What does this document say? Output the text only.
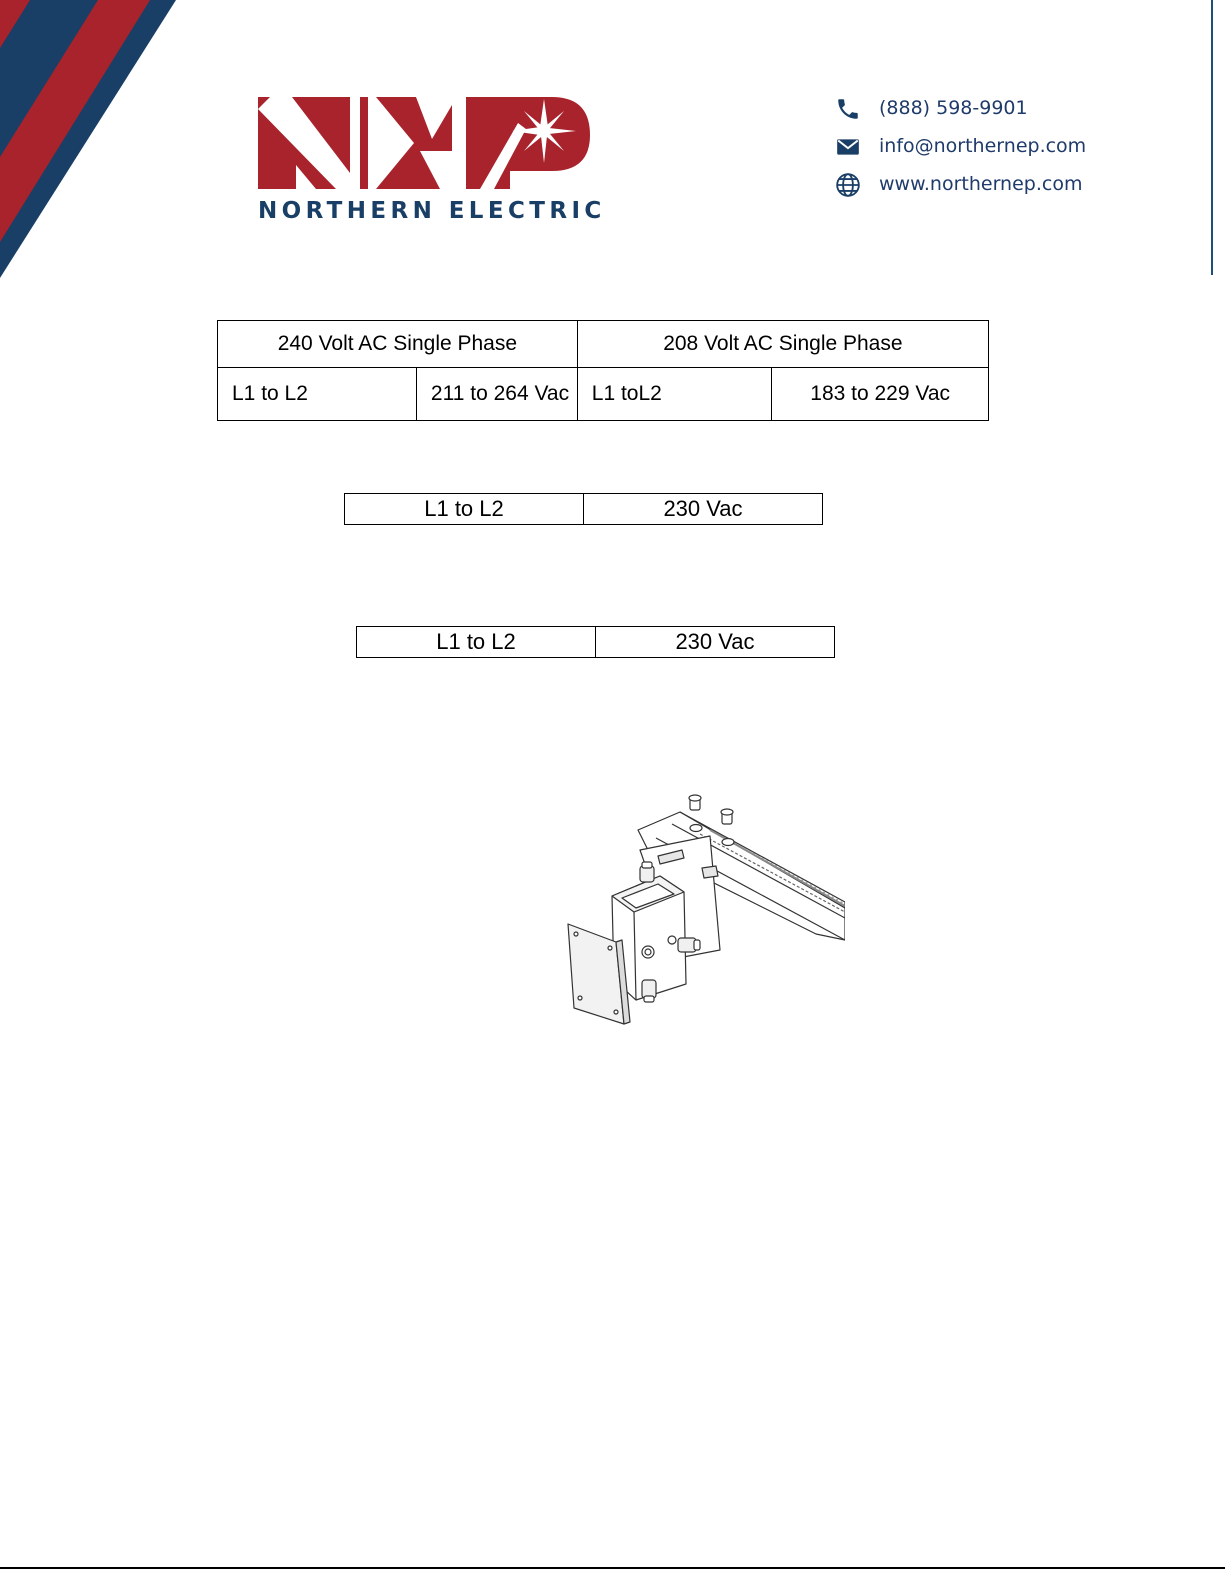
NORTHERN ELECTRIC
(888) 598-9901
info@northernep.com
www.northernep.com
240 Volt AC Single Phase		208 Volt AC Single Phase	
L1 to L2	211 to 264 Vac	L1 toL2	183 to 229 Vac
L1 to L2	230 Vac
L1 to L2	230 Vac
